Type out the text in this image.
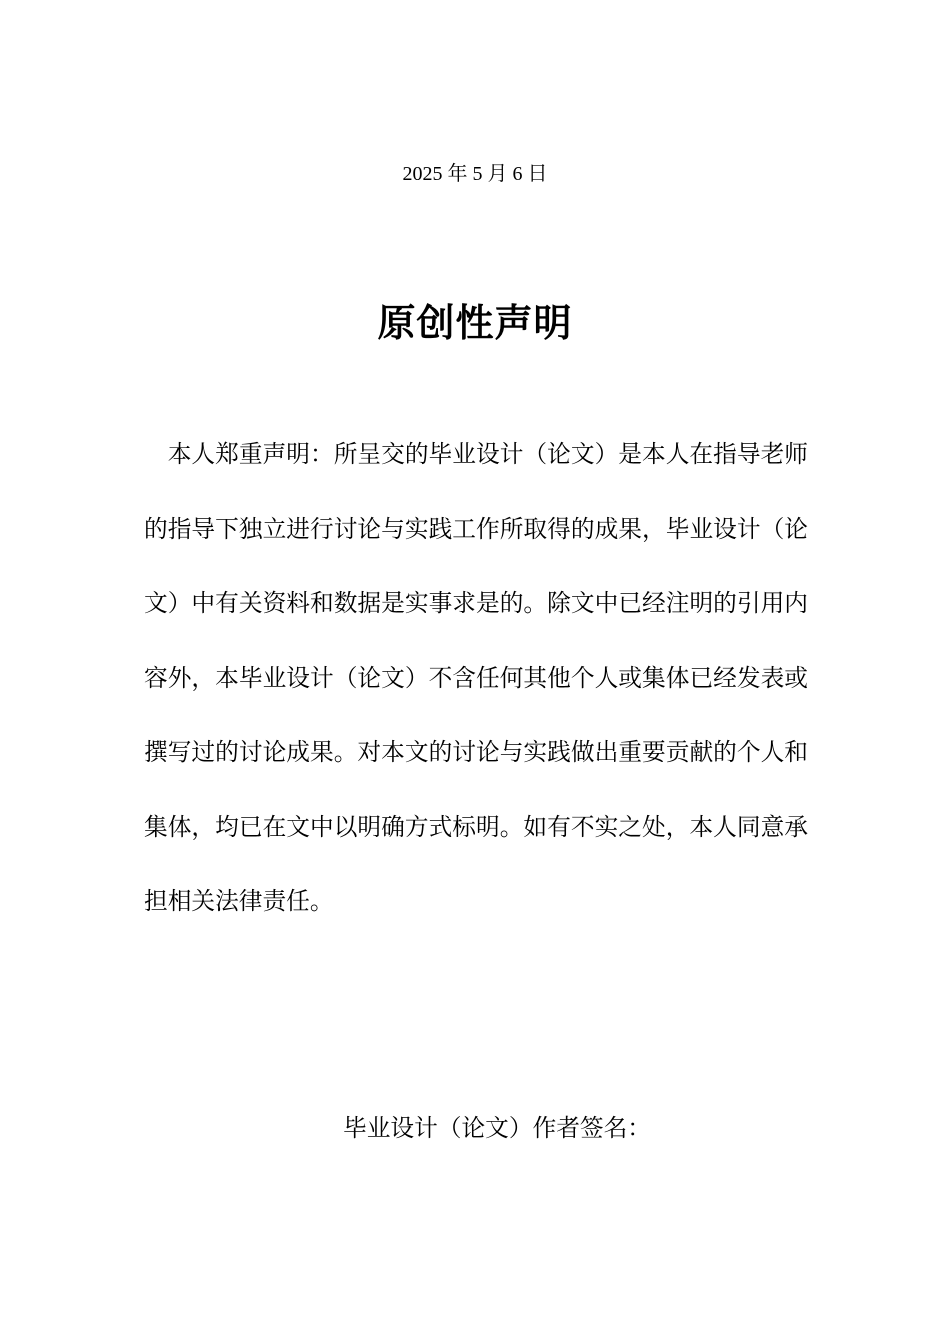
2025 年 5 月 6 日
原创性声明

本人郑重声明：所呈交的毕业设计（论文）是本人在指导老师的指导下独立进行讨论与实践工作所取得的成果，毕业设计（论文）中有关资料和数据是实事求是的。除文中已经注明的引用内容外，本毕业设计（论文）不含任何其他个人或集体已经发表或撰写过的讨论成果。对本文的讨论与实践做出重要贡献的个人和集体，均已在文中以明确方式标明。如有不实之处，本人同意承担相关法律责任。

毕业设计（论文）作者签名：
